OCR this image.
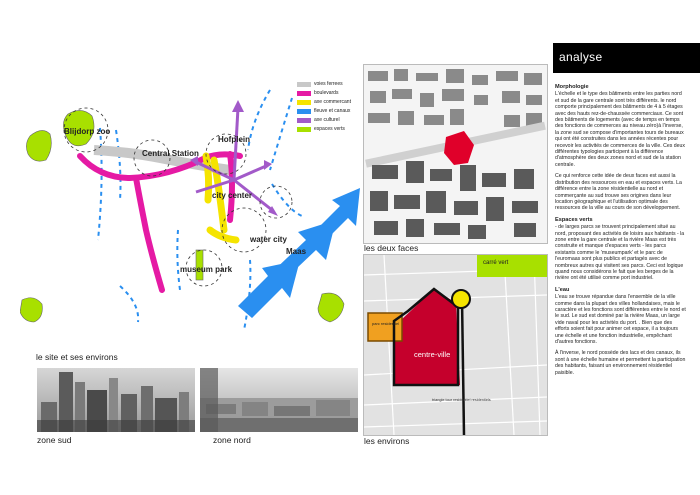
Blijdorp zoo
Hofplein
Central Station
city center
water city
Maas
museum park
voies ferrees
boulevards
axe commercant
fleuve et canaux
axe culturel
espaces verts
le site et ses environs
zone sud	zone nord
les deux faces
carré vert
centre-ville
parc residentiel
triangle tour residentiel residentiels
les environs
analyse
Morphologie

L'échelle et le type des bâtiments entre les parties nord et sud de la gare centrale sont très différents. le nord comporte principalement des bâtiments de 4 à 5 étages avec des hauts rez-de-chaussée commerciaux. Ce sont des bâtiments de logements (avec de temps en temps des fonctions de commerces au niveau zéro)à l'inverse, la zone sud se compose d'importantes tours de bureaux qui ont été construites dans les années récentes pour recevoir les activités de commerces de la ville. Ces deux différentes typologies participent à la différence d'atmosphère des deux zones nord et sud de la station centrale.

Ce qui renforce cette idée de deux faces est aussi la distribution des ressources en eau et espaces verts. La différence entre la zone résidentielle au nord et commerçante au sud trouve ses origines dans leur location géographique et l'utilisation optimale des ressources de la ville au cours de son développement.

Espaces verts

- de larges parcs se trouvent principalement situé au nord, proposant des activités de loisirs aux habitants - la zone entre la gare centrale et la rivière Maas est très construite et manque d'espaces verts - les parcs existants comme le 'museumpark' et le parc de l'euromaas sont plus publics et partagés avec de nombreux autres qui visitent ses parcs. Ceci est logique quand nous considérons le fait que les berges de la rivière ont été utilisé comme port industriel.

L'eau

L'eau se trouve répandue dans l'ensemble de la ville comme dans la plupart des villes hollandaises, mais le caractère et les fonctions sont différentes entre le nord et le sud. Le sud est dominé par la rivière Maas, un large vide naval pour les activités du port. . Bien que des efforts soient fait pour animer cet espace, il a toujours une échelle et une fonction industrielle, empêchant d'autres fonctions.

À l'inverse, le nord possède des lacs et des canaux, ils sont à une échelle humaine et permettent la participation des habitants, faisant un environnement résidentiel paisible.
